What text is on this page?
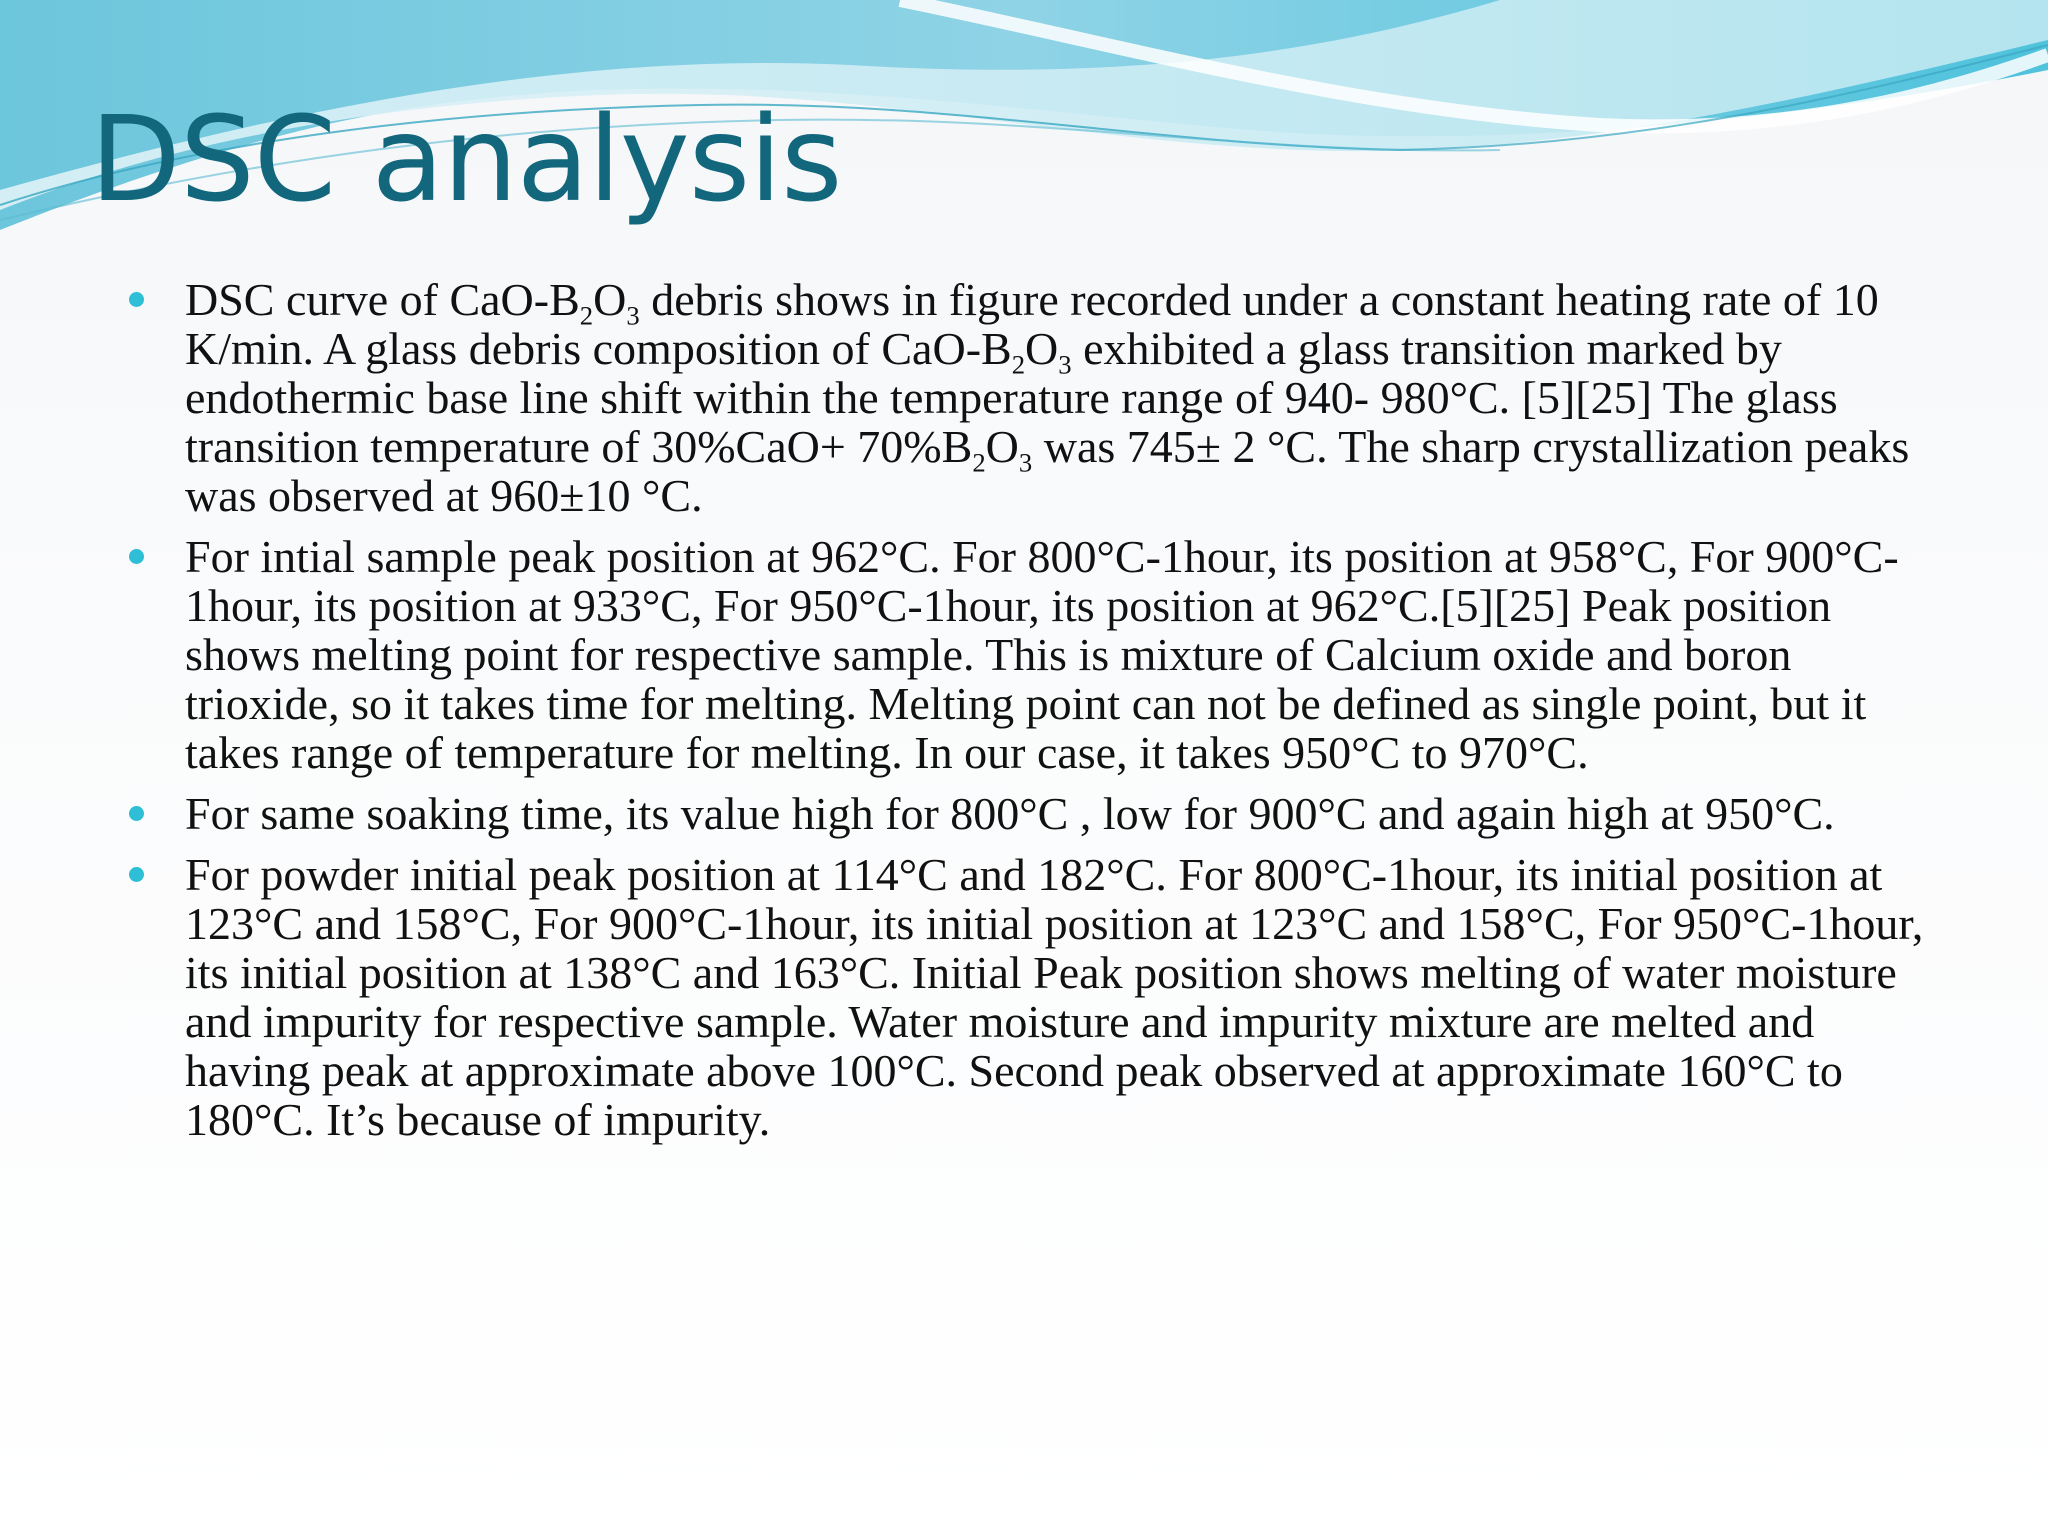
DSC analysis
DSC curve of CaO-$B_2O_3$ debris shows in figure recorded under a constant heating rate of 10 K/min. A glass debris composition of CaO-$B_2O_3$ exhibited a glass transition marked by endothermic base line shift within the temperature range of 940- 980°C. [5][25] The glass transition temperature of $30\%CaO+ 70\%B_2O_3$ was 745± 2 °C. The sharp crystallization peaks was observed at 960±10 °C.
For intial sample peak position at 962°C. For 800°C-1hour, its position at 958°C, For 900°C-1hour, its position at 933°C, For 950°C-1hour, its position at 962°C.[5][25] Peak position shows melting point for respective sample. This is mixture of Calcium oxide and boron trioxide, so it takes time for melting. Melting point can not be defined as single point, but it takes range of temperature for melting. In our case, it takes 950°C to 970°C.
For same soaking time, its value high for 800°C , low for 900°C and again high at 950°C.
For powder initial peak position at 114°C and 182°C. For 800°C-1hour, its initial position at 123°C and 158°C, For 900°C-1hour, its initial position at 123°C and 158°C, For 950°C-1hour, its initial position at 138°C and 163°C. Initial Peak position shows melting of water moisture and impurity for respective sample. Water moisture and impurity mixture are melted and having peak at approximate above 100°C. Second peak observed at approximate 160°C to 180°C. It’s because of impurity.
